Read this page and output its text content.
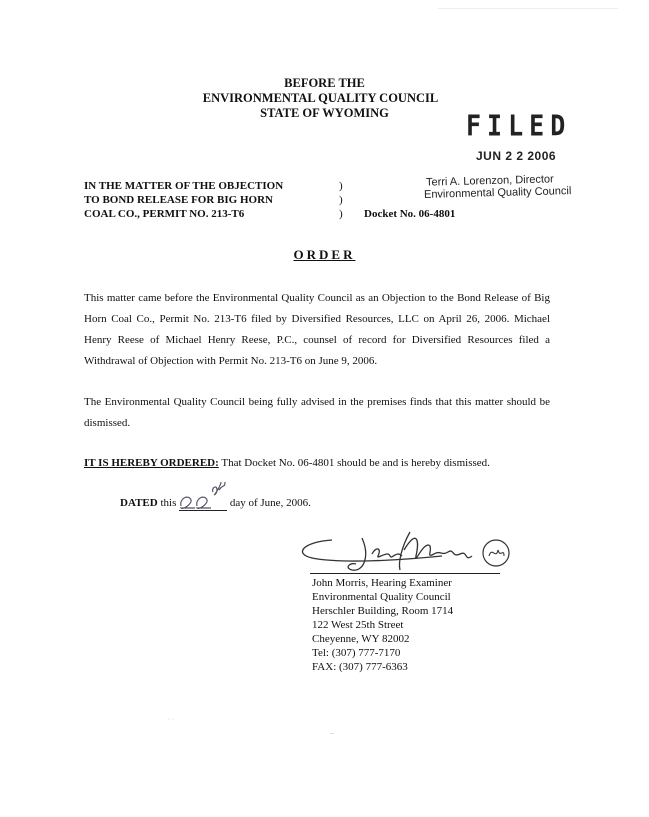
BEFORE THE
ENVIRONMENTAL QUALITY COUNCIL
STATE OF WYOMING	FILED
JUN 2 2 2006
Terri A. Lorenzon, Director
Environmental Quality Council
IN THE MATTER OF THE OBJECTION
TO BOND RELEASE FOR BIG HORN
COAL CO., PERMIT NO. 213-T6
)
)
) Docket No. 06-4801
ORDER
This matter came before the Environmental Quality Council as an Objection to the Bond Release of Big Horn Coal Co., Permit No. 213-T6 filed by Diversified Resources, LLC on April 26, 2006. Michael Henry Reese of Michael Henry Reese, P.C., counsel of record for Diversified Resources filed a Withdrawal of Objection with Permit No. 213-T6 on June 9, 2006.
The Environmental Quality Council being fully advised in the premises finds that this matter should be dismissed.
IT IS HEREBY ORDERED: That Docket No. 06-4801 should be and is hereby dismissed.
DATED this
22nd
day of June, 2006.
John Morris, Hearing Examiner
Environmental Quality Council
Herschler Building, Room 1714
122 West 25th Street
Cheyenne, WY 82002
Tel: (307) 777-7170
FAX: (307) 777-6363
∙ ·
–
